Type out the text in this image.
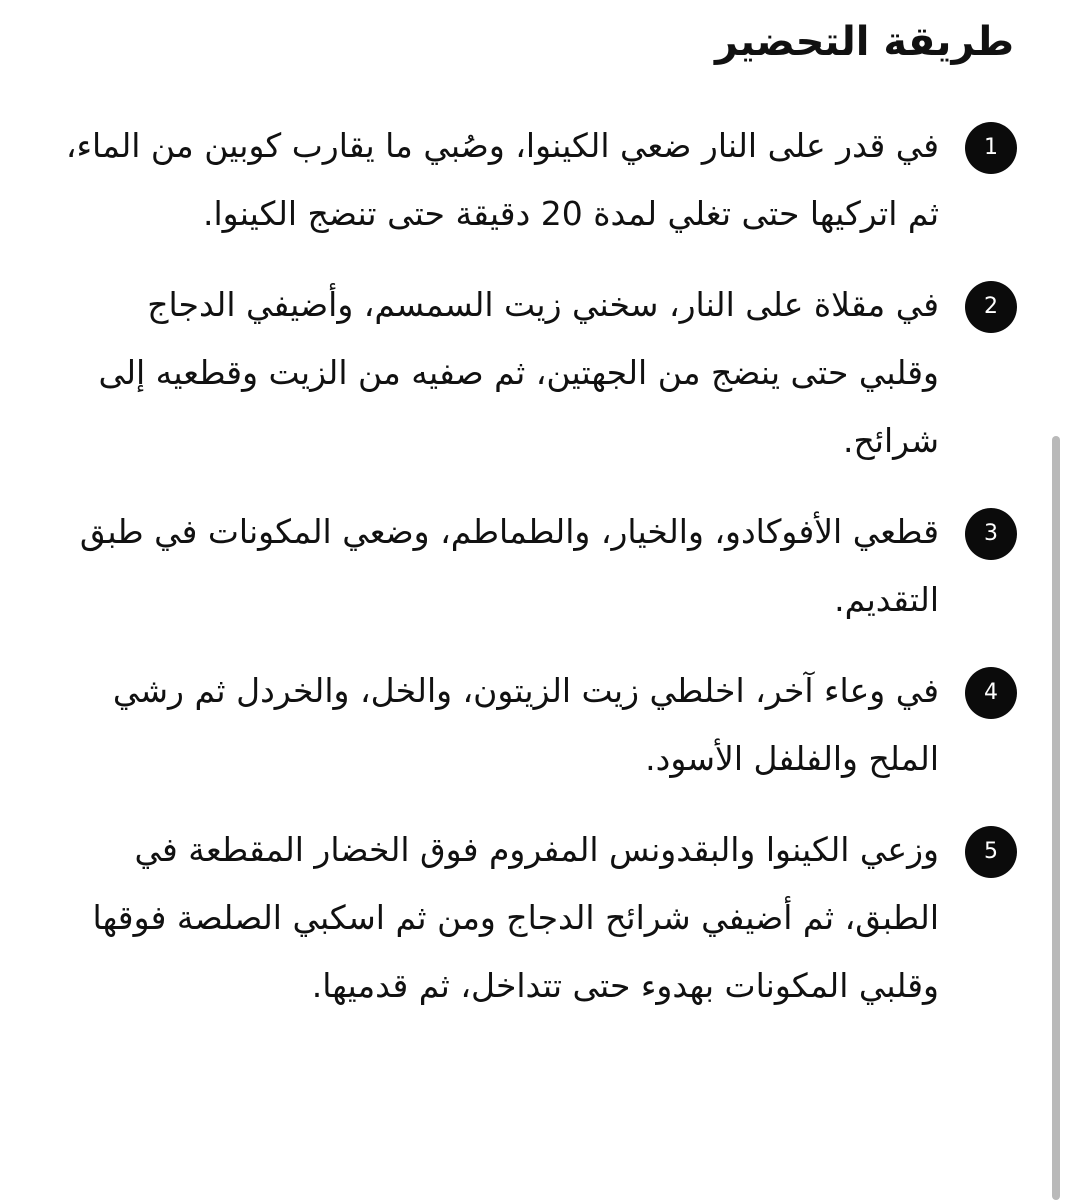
طريقة التحضير
1

في قدر على النار ضعي الكينوا، وصُبي ما يقارب كوبين من الماء، ثم اتركيها حتى تغلي لمدة 20 دقيقة حتى تنضج الكينوا.

2

في مقلاة على النار، سخني زيت السمسم، وأضيفي الدجاج وقلبي حتى ينضج من الجهتين، ثم صفيه من الزيت وقطعيه إلى شرائح.

3

قطعي الأفوكادو، والخيار، والطماطم، وضعي المكونات في طبق التقديم.

4

في وعاء آخر، اخلطي زيت الزيتون، والخل، والخردل ثم رشي الملح والفلفل الأسود.

5

وزعي الكينوا والبقدونس المفروم فوق الخضار المقطعة في الطبق، ثم أضيفي شرائح الدجاج ومن ثم اسكبي الصلصة فوقها وقلبي المكونات بهدوء حتى تتداخل، ثم قدميها.
